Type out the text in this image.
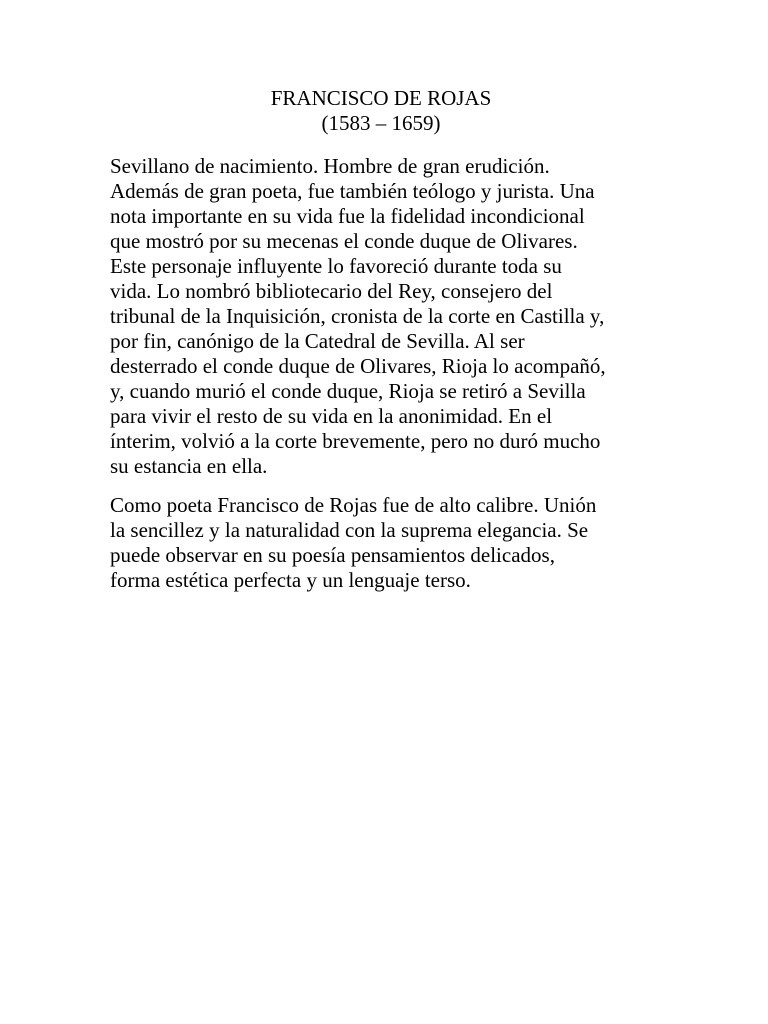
FRANCISCO DE ROJAS
(1583 – 1659)

Sevillano de nacimiento. Hombre de gran erudición.
Además de gran poeta, fue también teólogo y jurista. Una
nota importante en su vida fue la fidelidad incondicional
que mostró por su mecenas el conde duque de Olivares.
Este personaje influyente lo favoreció durante toda su
vida. Lo nombró bibliotecario del Rey, consejero del
tribunal de la Inquisición, cronista de la corte en Castilla y,
por fin, canónigo de la Catedral de Sevilla. Al ser
desterrado el conde duque de Olivares, Rioja lo acompañó,
y, cuando murió el conde duque, Rioja se retiró a Sevilla
para vivir el resto de su vida en la anonimidad. En el
ínterim, volvió a la corte brevemente, pero no duró mucho
su estancia en ella.

Como poeta Francisco de Rojas fue de alto calibre. Unión
la sencillez y la naturalidad con la suprema elegancia. Se
puede observar en su poesía pensamientos delicados,
forma estética perfecta y un lenguaje terso.
